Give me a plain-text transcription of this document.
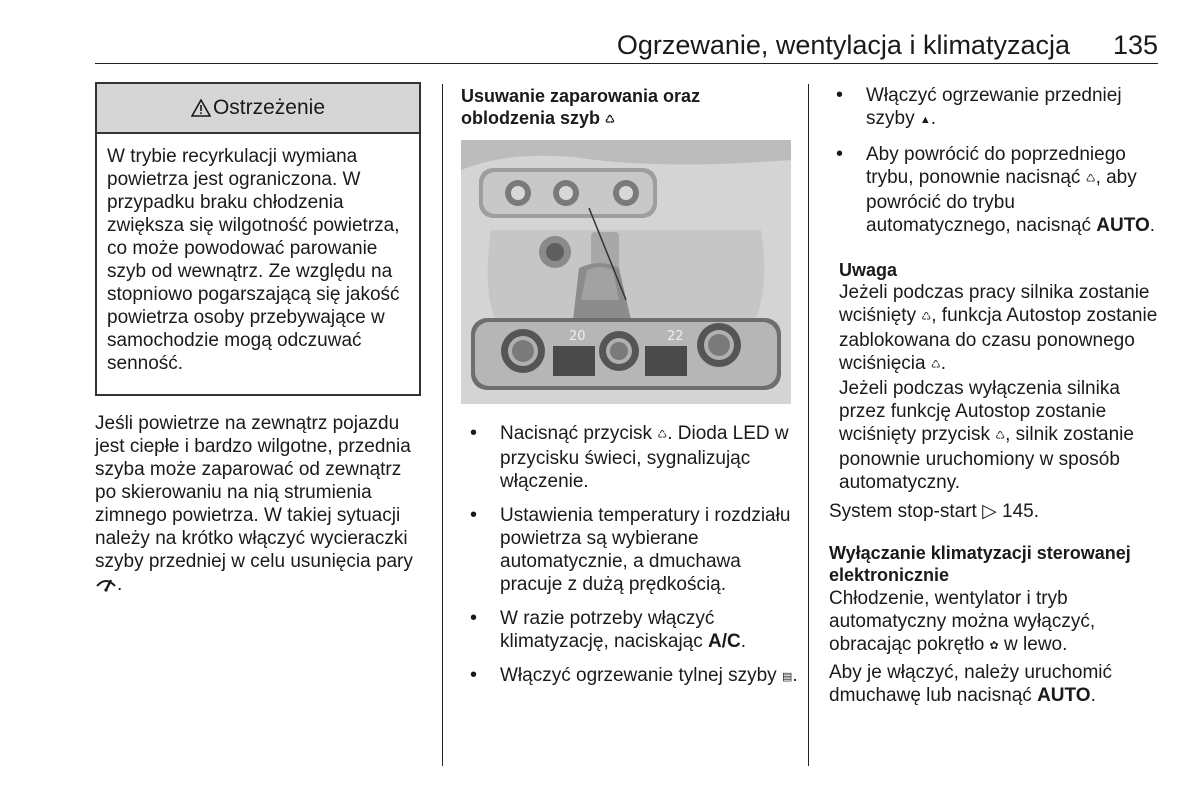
Ogrzewanie, wentylacja i klimatyzacja	135
Ostrzeżenie
W trybie recyrkulacji wymiana powietrza jest ograniczona. W przypadku braku chłodzenia zwiększa się wilgotność powietrza, co może powodować parowanie szyb od wewnątrz. Ze względu na stopniowo pogarszającą się jakość powietrza osoby przebywające w samochodzie mogą odczuwać senność.

Jeśli powietrze na zewnątrz pojazdu jest ciepłe i bardzo wilgotne, przednia szyba może zaparować od zewnątrz po skierowaniu na nią strumienia zimnego powietrza. W takiej sytuacji należy na krótko włączyć wycieraczki szyby przedniej w celu usunięcia pary .

Usuwanie zaparowania oraz oblodzenia szyb ♺

20	22
• Nacisnąć przycisk ♺. Dioda LED w przycisku świeci, sygnalizując włączenie.
• Ustawienia temperatury i rozdziału powietrza są wybierane automatycznie, a dmuchawa pracuje z dużą prędkością.
• W razie potrzeby włączyć klimatyzację, naciskając A/C.
• Włączyć ogrzewanie tylnej szyby ▤.
• Włączyć ogrzewanie przedniej szyby ▲.
• Aby powrócić do poprzedniego trybu, ponownie nacisnąć ♺, aby powrócić do trybu automatycznego, nacisnąć AUTO.

Uwaga

Jeżeli podczas pracy silnika zostanie wciśnięty ♺, funkcja Autostop zostanie zablokowana do czasu ponownego wciśnięcia ♺.

Jeżeli podczas wyłączenia silnika przez funkcję Autostop zostanie wciśnięty przycisk ♺, silnik zostanie ponownie uruchomiony w sposób automatyczny.

System stop-start ▷ 145.

Wyłączanie klimatyzacji sterowanej elektronicznie

Chłodzenie, wentylator i tryb automatyczny można wyłączyć, obracając pokrętło ✿ w lewo.

Aby je włączyć, należy uruchomić dmuchawę lub nacisnąć AUTO.
